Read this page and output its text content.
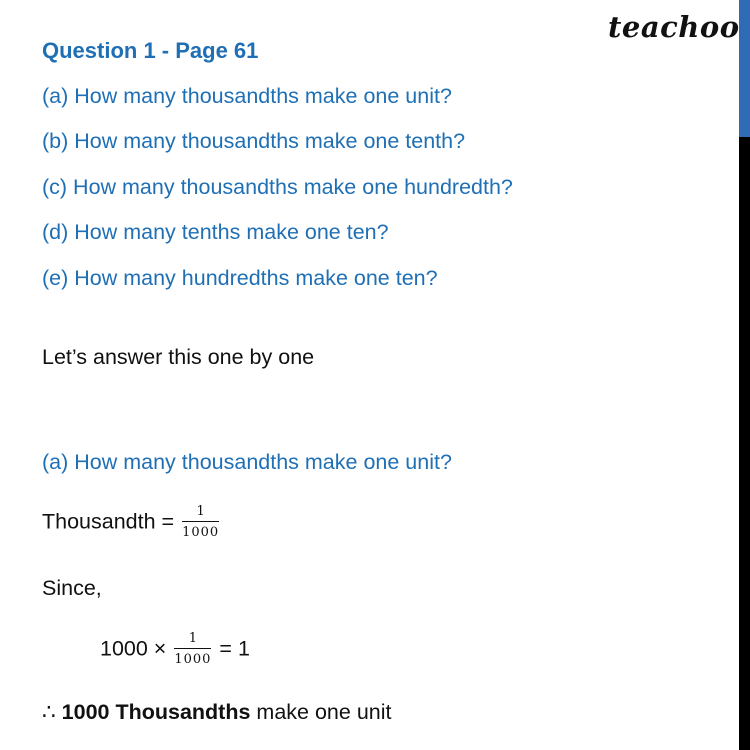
teachoo
Question 1 - Page 61
(a) How many thousandths make one unit?
(b) How many thousandths make one tenth?
(c) How many thousandths make one hundredth?
(d) How many tenths make one ten?
(e) How many hundredths make one ten?
Let’s answer this one by one
(a) How many thousandths make one unit?
Thousandth = $\frac{1}{1000}$
Since,
$1000 \times \frac{1}{1000} = 1$
∴ 1000 Thousandths make one unit
